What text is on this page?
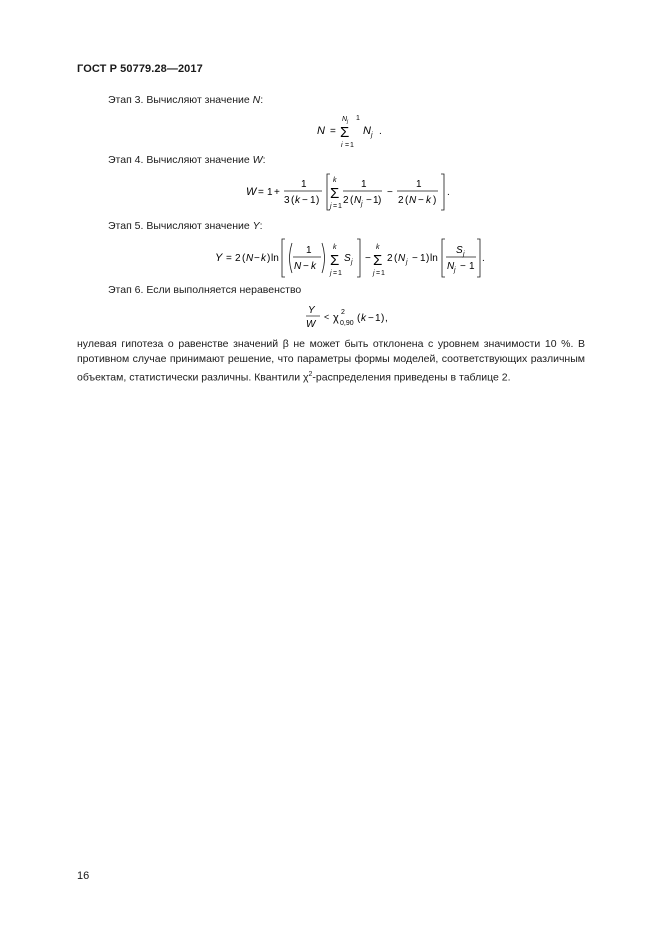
ГОСТ Р 50779.28—2017
Этап 3. Вычисляют значение N:
N =
N j 1
Σ
i = 1
N j .
Этап 4. Вычисляют значение W:
W = 1 +
1
3 ( k − 1 )
k
Σ
j = 1
1
2 ( N j − 1 )
−
1
2 ( N − k )
.
Этап 5. Вычисляют значение Y:
Y = 2 ( N − k ) ln
1
N − k
k
Σ
j = 1
S j −
k
Σ
j = 1
2 ( N j − 1 ) ln
S j
N j − 1
.
Этап 6. Если выполняется неравенство
Y
W
< χ 2
0,90 ( k − 1 ) ,
нулевая гипотеза о равенстве значений β не может быть отклонена с уровнем значимости 10 %. В противном случае принимают решение, что параметры формы моделей, соответствующих различным объектам, статистически различны. Квантили $\chi^2$-распределения приведены в таблице 2.
16
